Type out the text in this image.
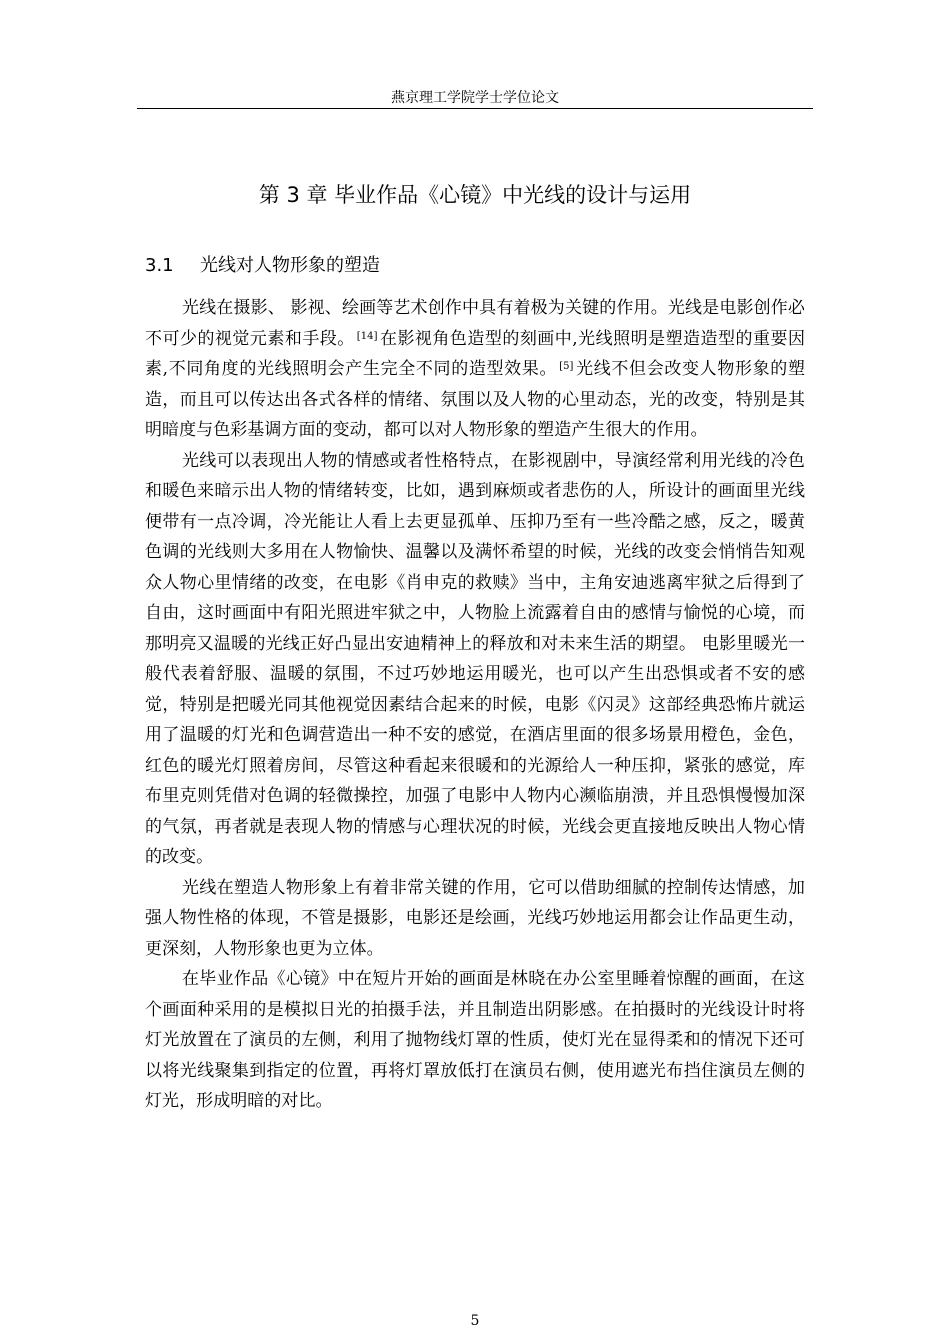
燕京理工学院学士学位论文
第 3 章 毕业作品《心镜》中光线的设计与运用
3.1 光线对人物形象的塑造

光线在摄影、 影视、绘画等艺术创作中具有着极为关键的作用。光线是电影创作必不可少的视觉元素和手段。 [14] 在影视角色造型的刻画中,光线照明是塑造造型的重要因素,不同角度的光线照明会产生完全不同的造型效果。 [5] 光线不但会改变人物形象的塑造，而且可以传达出各式各样的情绪、氛围以及人物的心里动态，光的改变，特别是其明暗度与色彩基调方面的变动，都可以对人物形象的塑造产生很大的作用。

光线可以表现出人物的情感或者性格特点，在影视剧中，导演经常利用光线的冷色和暖色来暗示出人物的情绪转变，比如，遇到麻烦或者悲伤的人，所设计的画面里光线便带有一点冷调，冷光能让人看上去更显孤单、压抑乃至有一些冷酷之感，反之，暖黄色调的光线则大多用在人物愉快、温馨以及满怀希望的时候，光线的改变会悄悄告知观众人物心里情绪的改变，在电影《肖申克的救赎》当中，主角安迪逃离牢狱之后得到了自由，这时画面中有阳光照进牢狱之中，人物脸上流露着自由的感情与愉悦的心境，而那明亮又温暖的光线正好凸显出安迪精神上的释放和对未来生活的期望。 电影里暖光一般代表着舒服、温暖的氛围，不过巧妙地运用暖光，也可以产生出恐惧或者不安的感觉，特别是把暖光同其他视觉因素结合起来的时候，电影《闪灵》这部经典恐怖片就运用了温暖的灯光和色调营造出一种不安的感觉，在酒店里面的很多场景用橙色，金色，红色的暖光灯照着房间，尽管这种看起来很暖和的光源给人一种压抑，紧张的感觉，库布里克则凭借对色调的轻微操控，加强了电影中人物内心濒临崩溃，并且恐惧慢慢加深的气氛，再者就是表现人物的情感与心理状况的时候，光线会更直接地反映出人物心情的改变。

光线在塑造人物形象上有着非常关键的作用，它可以借助细腻的控制传达情感，加强人物性格的体现，不管是摄影，电影还是绘画，光线巧妙地运用都会让作品更生动，更深刻，人物形象也更为立体。

在毕业作品《心镜》中在短片开始的画面是林晓在办公室里睡着惊醒的画面，在这个画面种采用的是模拟日光的拍摄手法，并且制造出阴影感。在拍摄时的光线设计时将灯光放置在了演员的左侧，利用了抛物线灯罩的性质，使灯光在显得柔和的情况下还可以将光线聚集到指定的位置，再将灯罩放低打在演员右侧，使用遮光布挡住演员左侧的灯光，形成明暗的对比。

5
